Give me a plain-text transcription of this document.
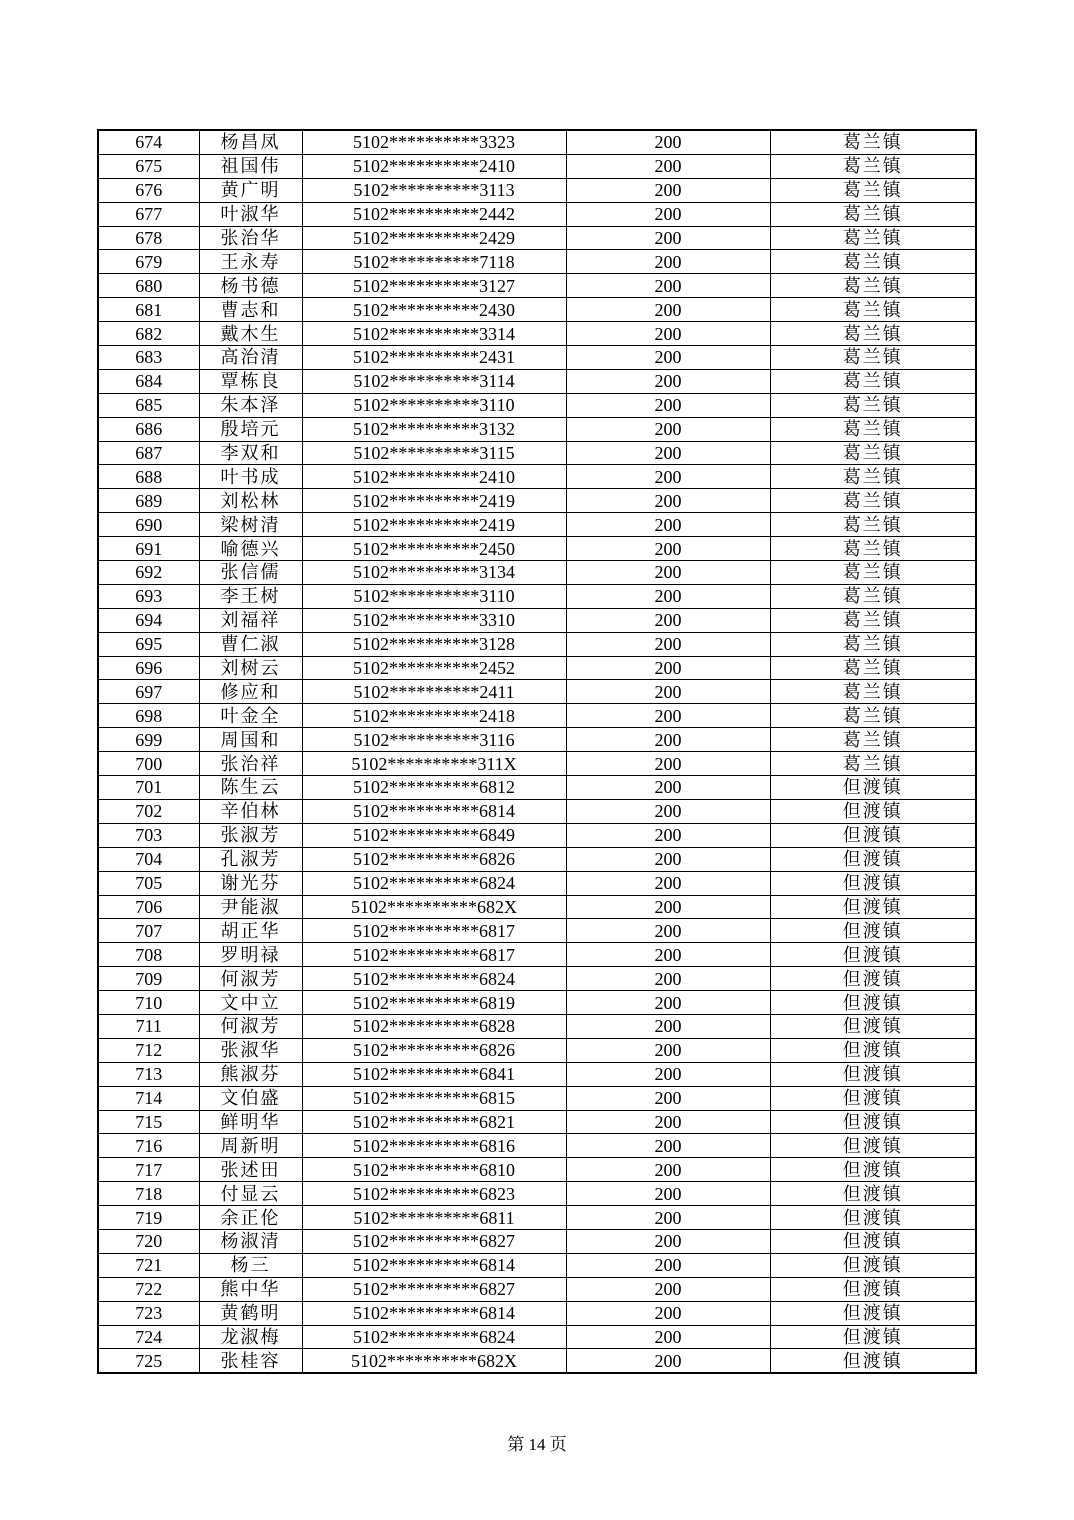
674	杨昌凤	5102**********3323	200	葛兰镇
675	祖国伟	5102**********2410	200	葛兰镇
676	黄广明	5102**********3113	200	葛兰镇
677	叶淑华	5102**********2442	200	葛兰镇
678	张治华	5102**********2429	200	葛兰镇
679	王永寿	5102**********7118	200	葛兰镇
680	杨书德	5102**********3127	200	葛兰镇
681	曹志和	5102**********2430	200	葛兰镇
682	戴木生	5102**********3314	200	葛兰镇
683	高治清	5102**********2431	200	葛兰镇
684	覃栋良	5102**********3114	200	葛兰镇
685	朱本泽	5102**********3110	200	葛兰镇
686	殷培元	5102**********3132	200	葛兰镇
687	李双和	5102**********3115	200	葛兰镇
688	叶书成	5102**********2410	200	葛兰镇
689	刘松林	5102**********2419	200	葛兰镇
690	梁树清	5102**********2419	200	葛兰镇
691	喻德兴	5102**********2450	200	葛兰镇
692	张信儒	5102**********3134	200	葛兰镇
693	李王树	5102**********3110	200	葛兰镇
694	刘福祥	5102**********3310	200	葛兰镇
695	曹仁淑	5102**********3128	200	葛兰镇
696	刘树云	5102**********2452	200	葛兰镇
697	修应和	5102**********2411	200	葛兰镇
698	叶金全	5102**********2418	200	葛兰镇
699	周国和	5102**********3116	200	葛兰镇
700	张治祥	5102**********311X	200	葛兰镇
701	陈生云	5102**********6812	200	但渡镇
702	辛伯林	5102**********6814	200	但渡镇
703	张淑芳	5102**********6849	200	但渡镇
704	孔淑芳	5102**********6826	200	但渡镇
705	谢光芬	5102**********6824	200	但渡镇
706	尹能淑	5102**********682X	200	但渡镇
707	胡正华	5102**********6817	200	但渡镇
708	罗明禄	5102**********6817	200	但渡镇
709	何淑芳	5102**********6824	200	但渡镇
710	文中立	5102**********6819	200	但渡镇
711	何淑芳	5102**********6828	200	但渡镇
712	张淑华	5102**********6826	200	但渡镇
713	熊淑芬	5102**********6841	200	但渡镇
714	文伯盛	5102**********6815	200	但渡镇
715	鲜明华	5102**********6821	200	但渡镇
716	周新明	5102**********6816	200	但渡镇
717	张述田	5102**********6810	200	但渡镇
718	付显云	5102**********6823	200	但渡镇
719	余正伦	5102**********6811	200	但渡镇
720	杨淑清	5102**********6827	200	但渡镇
721	杨三	5102**********6814	200	但渡镇
722	熊中华	5102**********6827	200	但渡镇
723	黄鹤明	5102**********6814	200	但渡镇
724	龙淑梅	5102**********6824	200	但渡镇
725	张桂容	5102**********682X	200	但渡镇
第 14 页
